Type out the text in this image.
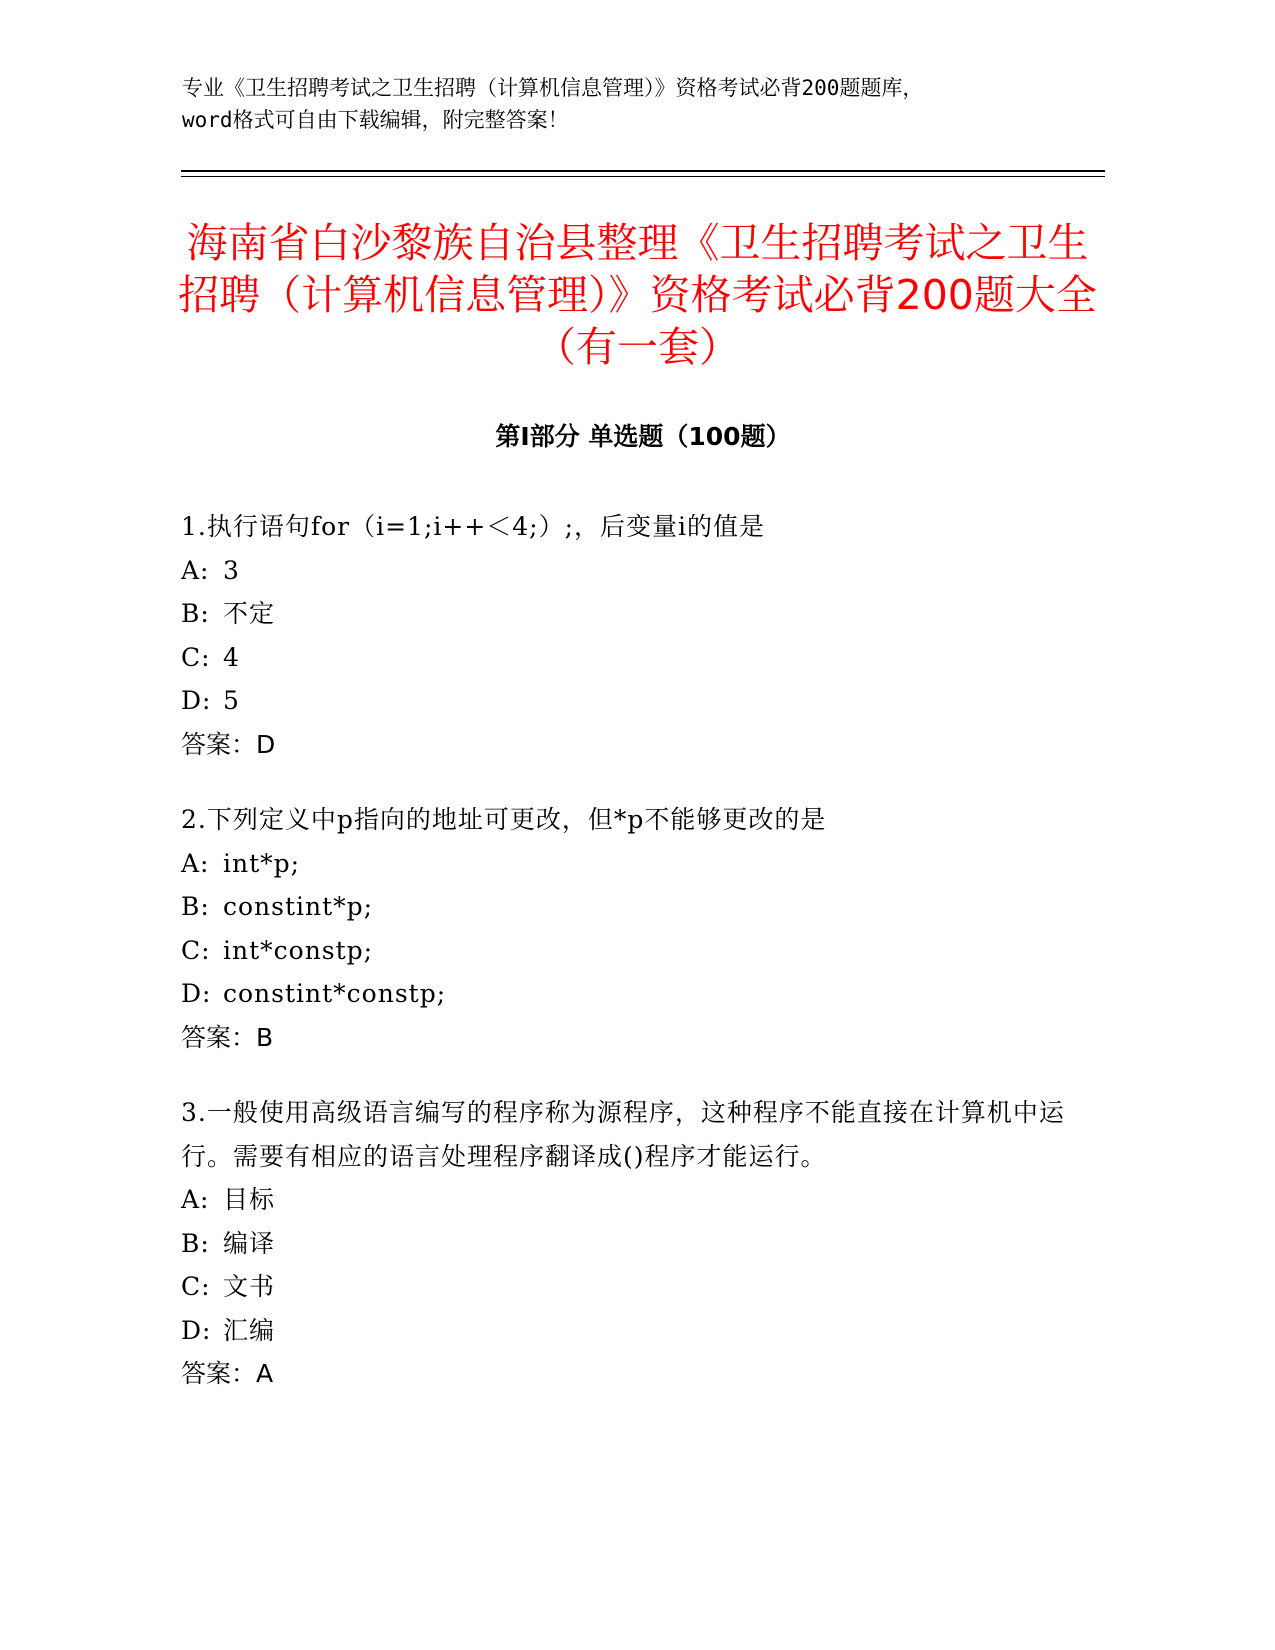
专业《卫生招聘考试之卫生招聘（计算机信息管理）》资格考试必背200题题库，
word格式可自由下载编辑，附完整答案！
海南省白沙黎族自治县整理《卫生招聘考试之卫生招聘（计算机信息管理）》资格考试必背200题大全（有一套）
第Ⅰ部分 单选题（100题）

1.执行语句for（i=1;i++＜4;）;，后变量i的值是

A: 3

B: 不定

C: 4

D: 5

答案：D

2.下列定义中p指向的地址可更改，但*p不能够更改的是

A: int*p;

B: constint*p;

C: int*constp;

D: constint*constp;

答案：B

3.一般使用高级语言编写的程序称为源程序，这种程序不能直接在计算机中运行。需要有相应的语言处理程序翻译成()程序才能运行。

A: 目标

B: 编译

C: 文书

D: 汇编

答案：A
